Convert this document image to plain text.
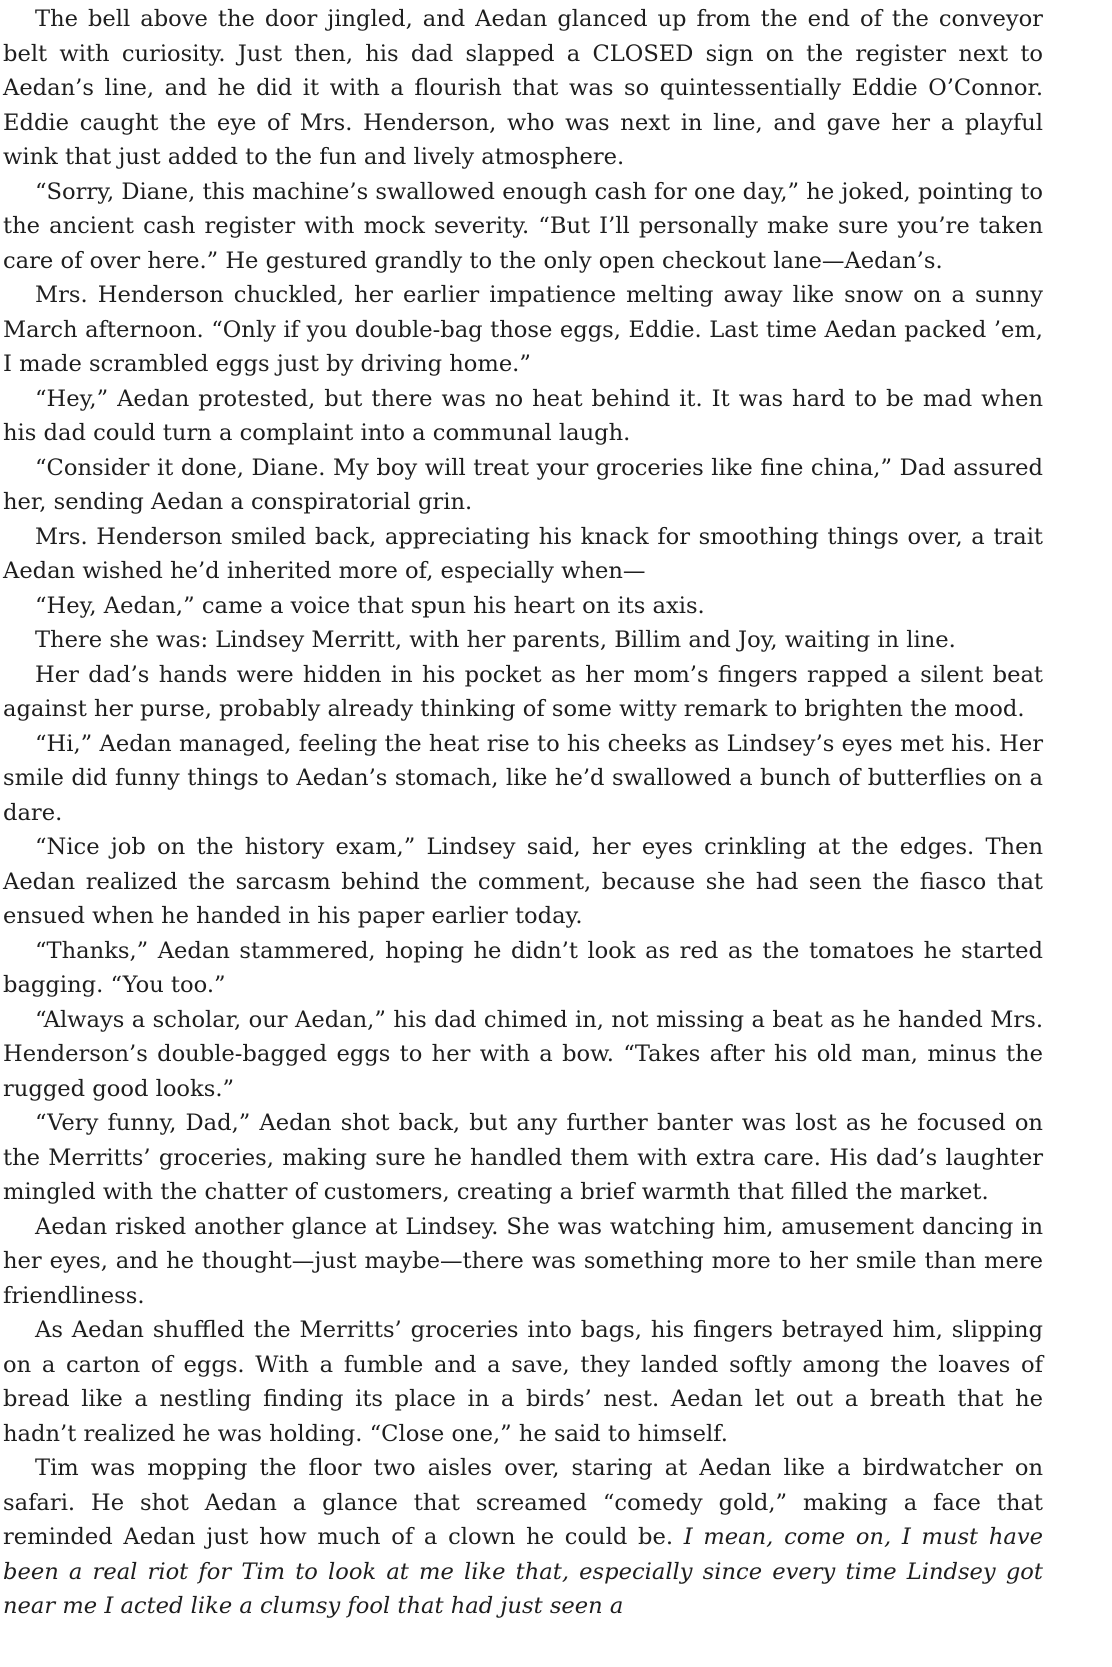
The bell above the door jingled, and Aedan glanced up from the end of the conveyor belt with curiosity. Just then, his dad slapped a CLOSED sign on the register next to Aedan’s line, and he did it with a flourish that was so quintessentially Eddie O’Connor. Eddie caught the eye of Mrs. Henderson, who was next in line, and gave her a playful wink that just added to the fun and lively atmosphere.

“Sorry, Diane, this machine’s swallowed enough cash for one day,” he joked, pointing to the ancient cash register with mock severity. “But I’ll personally make sure you’re taken care of over here.” He gestured grandly to the only open checkout lane—Aedan’s.

Mrs. Henderson chuckled, her earlier impatience melting away like snow on a sunny March afternoon. “Only if you double-bag those eggs, Eddie. Last time Aedan packed ’em, I made scrambled eggs just by driving home.”

“Hey,” Aedan protested, but there was no heat behind it. It was hard to be mad when his dad could turn a complaint into a communal laugh.

“Consider it done, Diane. My boy will treat your groceries like fine china,” Dad assured her, sending Aedan a conspiratorial grin.

Mrs. Henderson smiled back, appreciating his knack for smoothing things over, a trait Aedan wished he’d inherited more of, especially when—

“Hey, Aedan,” came a voice that spun his heart on its axis.

There she was: Lindsey Merritt, with her parents, Billim and Joy, waiting in line.

Her dad’s hands were hidden in his pocket as her mom’s fingers rapped a silent beat against her purse, probably already thinking of some witty remark to brighten the mood.

“Hi,” Aedan managed, feeling the heat rise to his cheeks as Lindsey’s eyes met his. Her smile did funny things to Aedan’s stomach, like he’d swallowed a bunch of butterflies on a dare.

“Nice job on the history exam,” Lindsey said, her eyes crinkling at the edges. Then Aedan realized the sarcasm behind the comment, because she had seen the fiasco that ensued when he handed in his paper earlier today.

“Thanks,” Aedan stammered, hoping he didn’t look as red as the tomatoes he started bagging. “You too.”

“Always a scholar, our Aedan,” his dad chimed in, not missing a beat as he handed Mrs. Henderson’s double-bagged eggs to her with a bow. “Takes after his old man, minus the rugged good looks.”

“Very funny, Dad,” Aedan shot back, but any further banter was lost as he focused on the Merritts’ groceries, making sure he handled them with extra care. His dad’s laughter mingled with the chatter of customers, creating a brief warmth that filled the market.

Aedan risked another glance at Lindsey. She was watching him, amusement dancing in her eyes, and he thought—just maybe—there was something more to her smile than mere friendliness.

As Aedan shuffled the Merritts’ groceries into bags, his fingers betrayed him, slipping on a carton of eggs. With a fumble and a save, they landed softly among the loaves of bread like a nestling finding its place in a birds’ nest. Aedan let out a breath that he hadn’t realized he was holding. “Close one,” he said to himself.

Tim was mopping the floor two aisles over, staring at Aedan like a birdwatcher on safari. He shot Aedan a glance that screamed “comedy gold,” making a face that reminded Aedan just how much of a clown he could be. I mean, come on, I must have been a real riot for Tim to look at me like that, especially since every time Lindsey got near me I acted like a clumsy fool that had just seen a
